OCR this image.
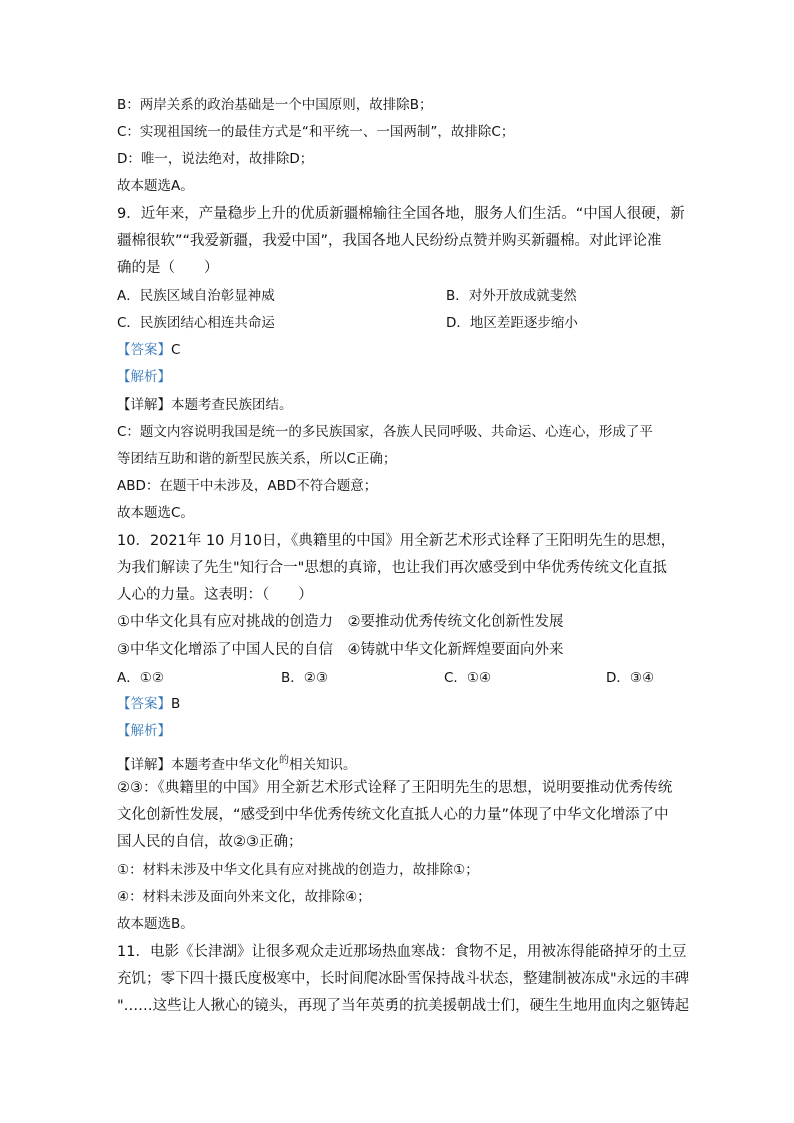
B：两岸关系的政治基础是一个中国原则，故排除B；
C：实现祖国统一的最佳方式是“和平统一、一国两制”，故排除C；
D：唯一，说法绝对，故排除D；
故本题选A。
9．近年来，产量稳步上升的优质新疆棉输往全国各地，服务人们生活。“中国人很硬，新
疆棉很软”“我爱新疆，我爱中国”，我国各地人民纷纷点赞并购买新疆棉。对此评论准
确的是（　　）
A．民族区域自治彰显神威	B．对外开放成就斐然
C．民族团结心相连共命运	D．地区差距逐步缩小
【答案】C
【解析】
【详解】本题考查民族团结。
C：题文内容说明我国是统一的多民族国家，各族人民同呼吸、共命运、心连心，形成了平
等团结互助和谐的新型民族关系，所以C正确；
ABD：在题干中未涉及，ABD不符合题意；
故本题选C。
10．2021年 10 月10日，《典籍里的中国》用全新艺术形式诠释了王阳明先生的思想，
为我们解读了先生"知行合一"思想的真谛，也让我们再次感受到中华优秀传统文化直抵
人心的力量。这表明：（　　）
①中华文化具有应对挑战的创造力　②要推动优秀传统文化创新性发展
③中华文化增添了中国人民的自信　④铸就中华文化新辉煌要面向外来
A．①②	B．②③	C．①④	D．③④
【答案】B
【解析】
【详解】本题考查中华文化$^的$相关知识。
②③：《典籍里的中国》用全新艺术形式诠释了王阳明先生的思想，说明要推动优秀传统
文化创新性发展，“感受到中华优秀传统文化直抵人心的力量”体现了中华文化增添了中
国人民的自信，故②③正确；
①：材料未涉及中华文化具有应对挑战的创造力，故排除①；
④：材料未涉及面向外来文化，故排除④；
故本题选B。
11．电影《长津湖》让很多观众走近那场热血寒战：食物不足，用被冻得能硌掉牙的土豆
充饥；零下四十摄氏度极寒中，长时间爬冰卧雪保持战斗状态，整建制被冻成"永远的丰碑
"……这些让人揪心的镜头，再现了当年英勇的抗美援朝战士们，硬生生地用血肉之躯铸起
